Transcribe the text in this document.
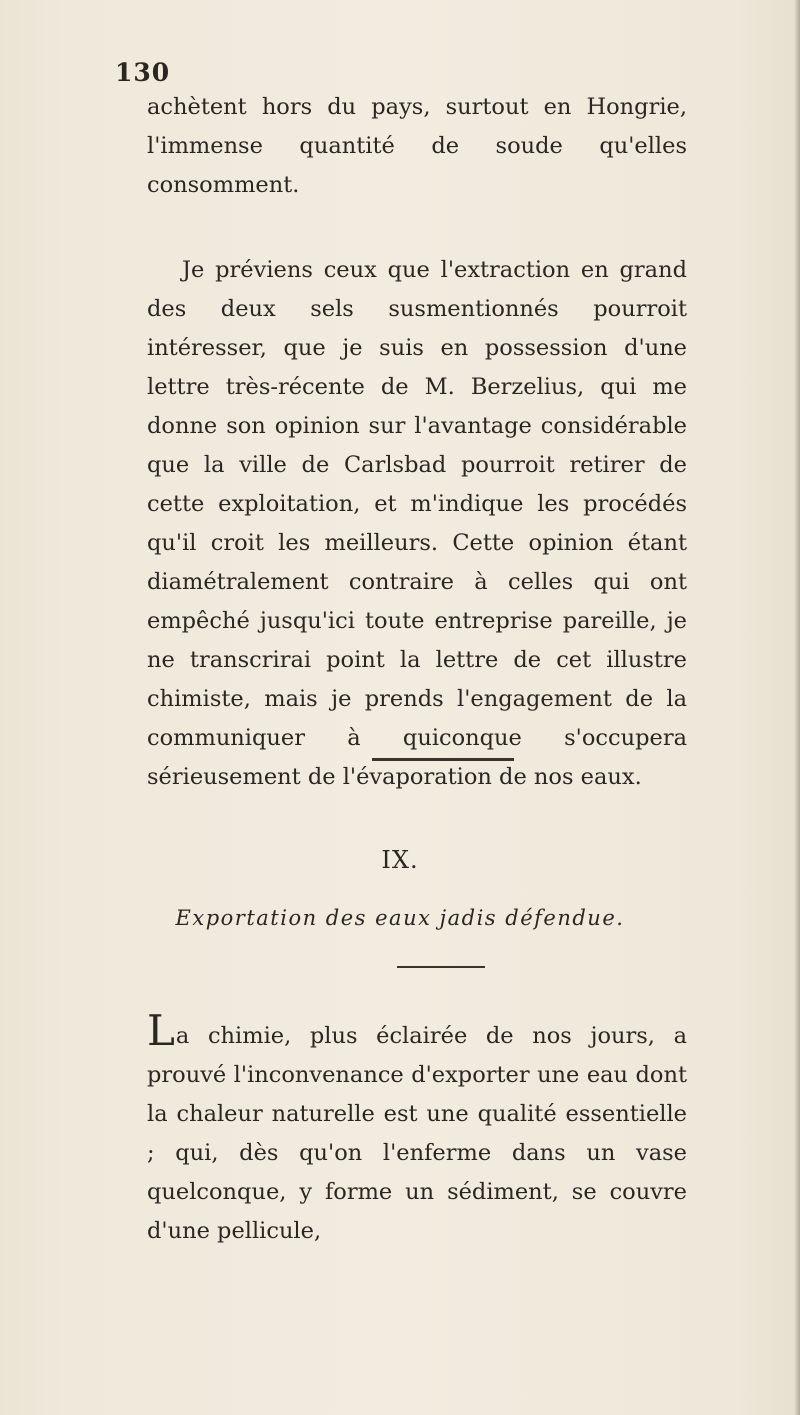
130

achètent hors du pays, surtout en Hongrie, l'immense quantité de soude qu'elles consomment.

Je préviens ceux que l'extraction en grand des deux sels susmentionnés pourroit intéresser, que je suis en possession d'une lettre très-récente de M. Berzelius, qui me donne son opinion sur l'avantage considérable que la ville de Carlsbad pourroit retirer de cette exploitation, et m'indique les procédés qu'il croit les meilleurs. Cette opinion étant diamétralement contraire à celles qui ont empêché jusqu'ici toute entreprise pareille, je ne transcrirai point la lettre de cet illustre chimiste, mais je prends l'engagement de la communiquer à quiconque s'occupera sérieusement de l'évaporation de nos eaux.

IX.
Exportation des eaux jadis défendue.

La chimie, plus éclairée de nos jours, a prouvé l'inconvenance d'exporter une eau dont la chaleur naturelle est une qualité essentielle ; qui, dès qu'on l'enferme dans un vase quelconque, y forme un sédiment, se couvre d'une pellicule,
